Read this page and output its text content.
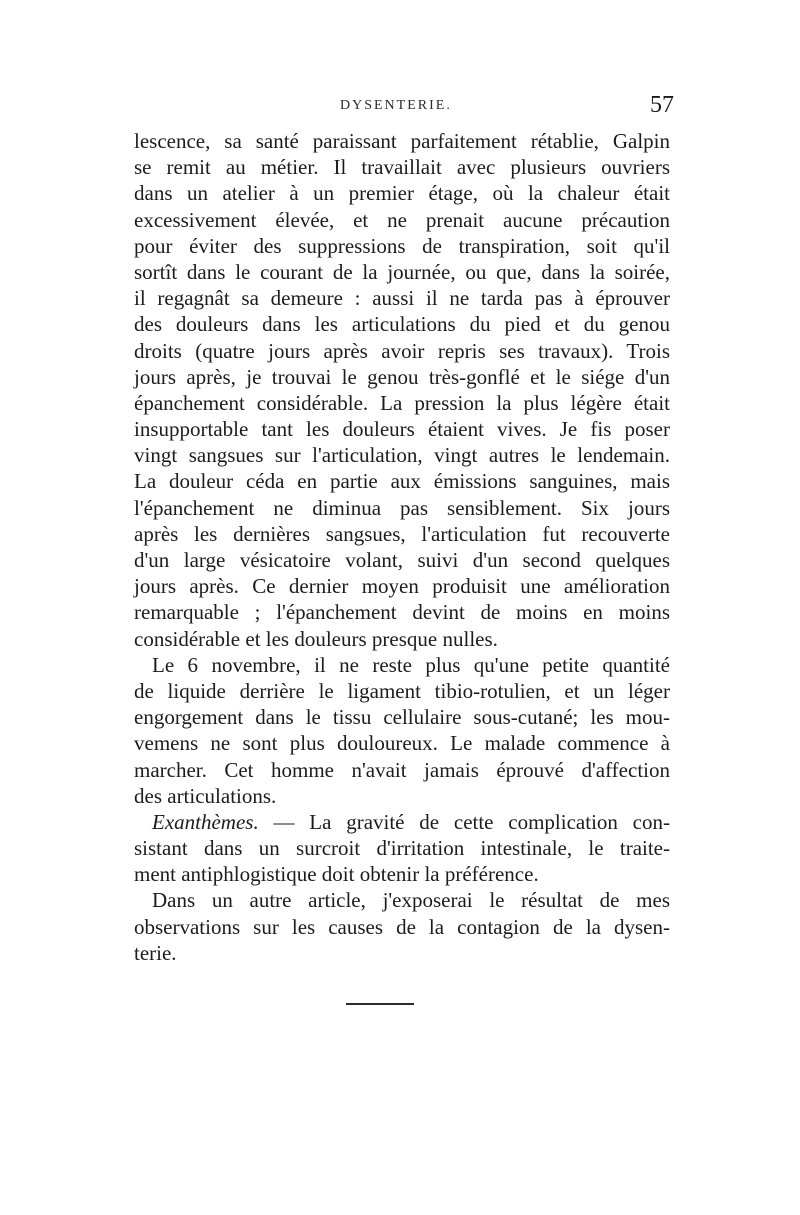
DYSENTERIE.	57
lescence, sa santé paraissant parfaitement rétablie, Galpin
se remit au métier. Il travaillait avec plusieurs ouvriers
dans un atelier à un premier étage, où la chaleur était
excessivement élevée, et ne prenait aucune précaution
pour éviter des suppressions de transpiration, soit qu'il
sortît dans le courant de la journée, ou que, dans la soirée,
il regagnât sa demeure : aussi il ne tarda pas à éprouver
des douleurs dans les articulations du pied et du genou
droits (quatre jours après avoir repris ses travaux). Trois
jours après, je trouvai le genou très-gonflé et le siége d'un
épanchement considérable. La pression la plus légère était
insupportable tant les douleurs étaient vives. Je fis poser
vingt sangsues sur l'articulation, vingt autres le lendemain.
La douleur céda en partie aux émissions sanguines, mais
l'épanchement ne diminua pas sensiblement. Six jours
après les dernières sangsues, l'articulation fut recouverte
d'un large vésicatoire volant, suivi d'un second quelques
jours après. Ce dernier moyen produisit une amélioration
remarquable ; l'épanchement devint de moins en moins
considérable et les douleurs presque nulles.
Le 6 novembre, il ne reste plus qu'une petite quantité
de liquide derrière le ligament tibio-rotulien, et un léger
engorgement dans le tissu cellulaire sous-cutané; les mou-
vemens ne sont plus douloureux. Le malade commence à
marcher. Cet homme n'avait jamais éprouvé d'affection
des articulations.
Exanthèmes. — La gravité de cette complication con-
sistant dans un surcroit d'irritation intestinale, le traite-
ment antiphlogistique doit obtenir la préférence.
Dans un autre article, j'exposerai le résultat de mes
observations sur les causes de la contagion de la dysen-
terie.
